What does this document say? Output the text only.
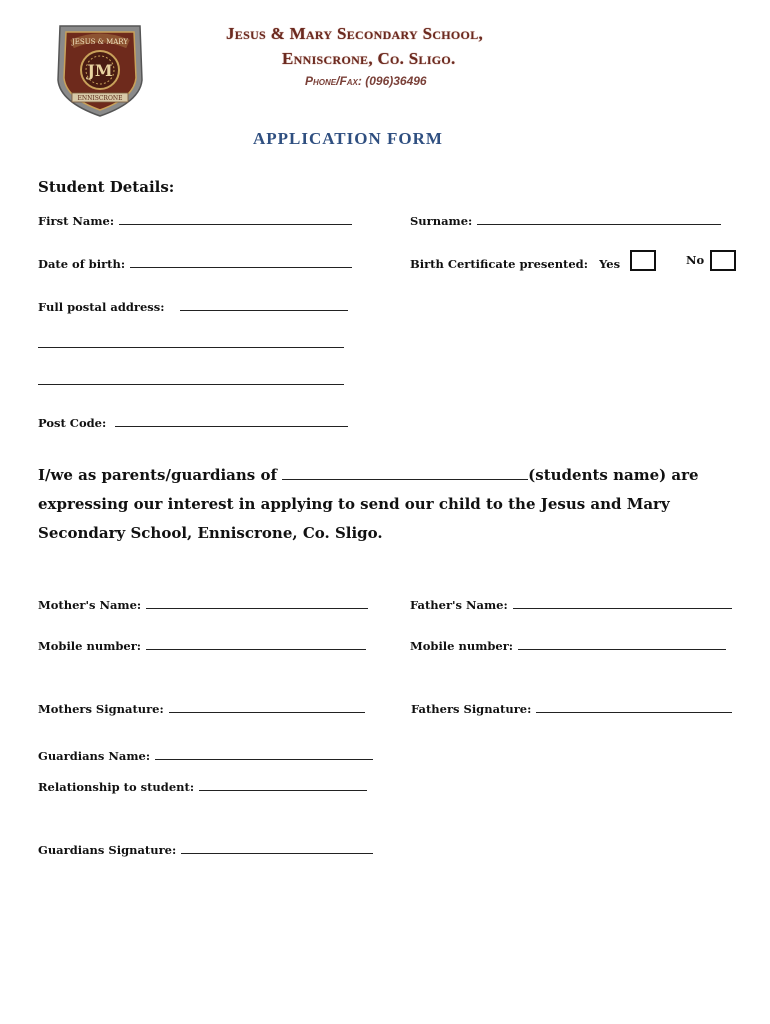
JM
JESUS & MARY
ENNISCRONE
Jesus & Mary Secondary School,
Enniscrone, Co. Sligo.
Phone/Fax: (096)36496
APPLICATION FORM
Student Details:
First Name:	Surname:
Date of birth:	Birth Certificate presented: Yes	No
Full postal address:
Post Code:
I/we as parents/guardians of	(students name) are expressing our interest in applying to send our child to the Jesus and Mary Secondary School, Enniscrone, Co. Sligo.
Mother's Name:	Father's Name:
Mobile number:	Mobile number:
Mothers Signature:	Fathers Signature:
Guardians Name:
Relationship to student:
Guardians Signature:
